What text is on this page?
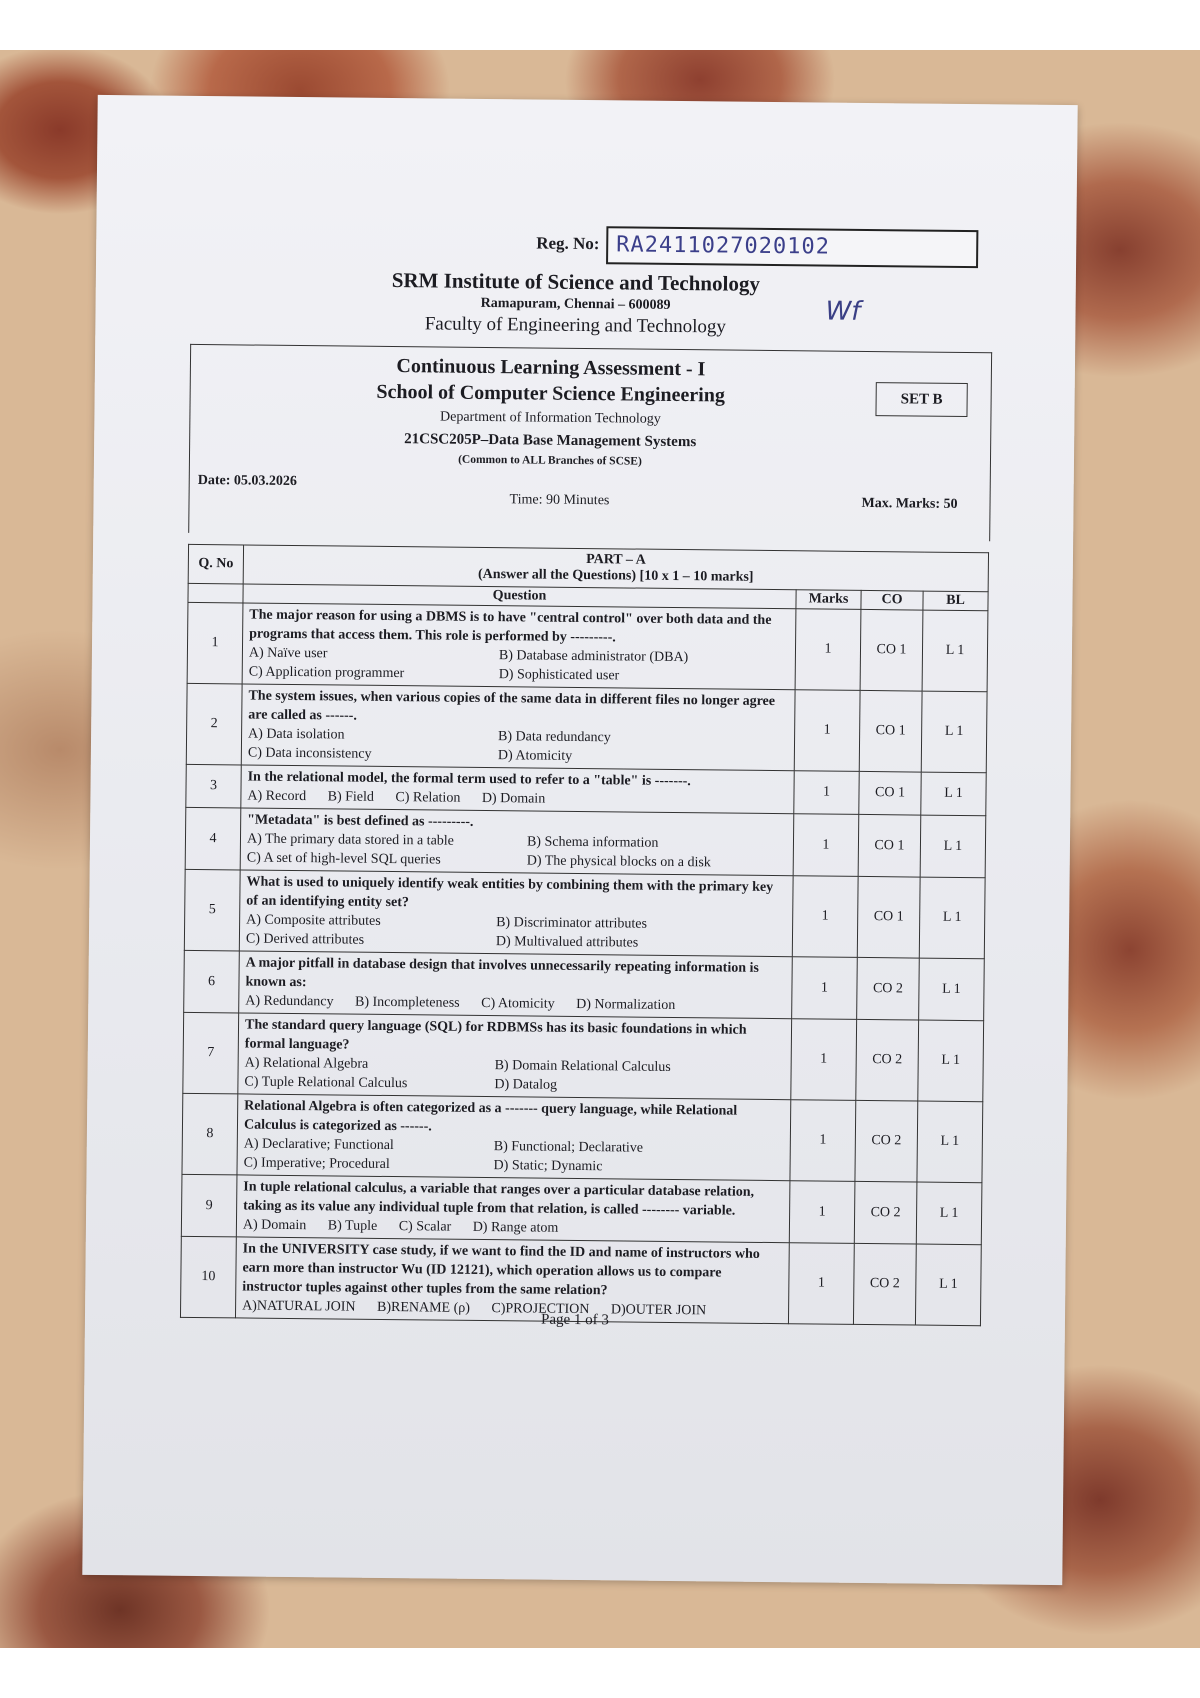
Reg. No: RA2411027020102
SRM Institute of Science and Technology
Ramapuram, Chennai – 600089
Faculty of Engineering and Technology	Wf
Continuous Learning Assessment - I
School of Computer Science Engineering
Department of Information Technology
21CSC205P–Data Base Management Systems
(Common to ALL Branches of SCSE)
SET B
Date: 05.03.2026
Time: 90 Minutes	Max. Marks: 50
Q. No	PART – A
(Answer all the Questions) [10 x 1 – 10 marks]			

	Question	Marks	CO	BL
1	The major reason for using a DBMS is to have "central control" over both data and the programs that access them. This role is performed by ---------.
A) Naïve user B) Database administrator (DBA)
C) Application programmer D) Sophisticated user	1	CO 1	L 1
2	The system issues, when various copies of the same data in different files no longer agree are called as ------.
A) Data isolation B) Data redundancy
C) Data inconsistency D) Atomicity	1	CO 1	L 1
3	In the relational model, the formal term used to refer to a "table" is -------.
A) Record B) Field C) Relation D) Domain	1	CO 1	L 1
4	"Metadata" is best defined as ---------.
A) The primary data stored in a table B) Schema information
C) A set of high-level SQL queries D) The physical blocks on a disk	1	CO 1	L 1
5	What is used to uniquely identify weak entities by combining them with the primary key of an identifying entity set?
A) Composite attributes B) Discriminator attributes
C) Derived attributes D) Multivalued attributes	1	CO 1	L 1
6	A major pitfall in database design that involves unnecessarily repeating information is known as:
A) Redundancy B) Incompleteness C) Atomicity D) Normalization	1	CO 2	L 1
7	The standard query language (SQL) for RDBMSs has its basic foundations in which formal language?
A) Relational Algebra B) Domain Relational Calculus
C) Tuple Relational Calculus D) Datalog	1	CO 2	L 1
8	Relational Algebra is often categorized as a ------- query language, while Relational Calculus is categorized as ------.
A) Declarative; Functional B) Functional; Declarative
C) Imperative; Procedural D) Static; Dynamic	1	CO 2	L 1
9	In tuple relational calculus, a variable that ranges over a particular database relation, taking as its value any individual tuple from that relation, is called -------- variable.
A) Domain B) Tuple C) Scalar D) Range atom	1	CO 2	L 1
10	In the UNIVERSITY case study, if we want to find the ID and name of instructors who earn more than instructor Wu (ID 12121), which operation allows us to compare instructor tuples against other tuples from the same relation?
A)NATURAL JOIN B)RENAME (ρ) C)PROJECTION D)OUTER JOIN	1	CO 2	L 1
Page 1 of 3
